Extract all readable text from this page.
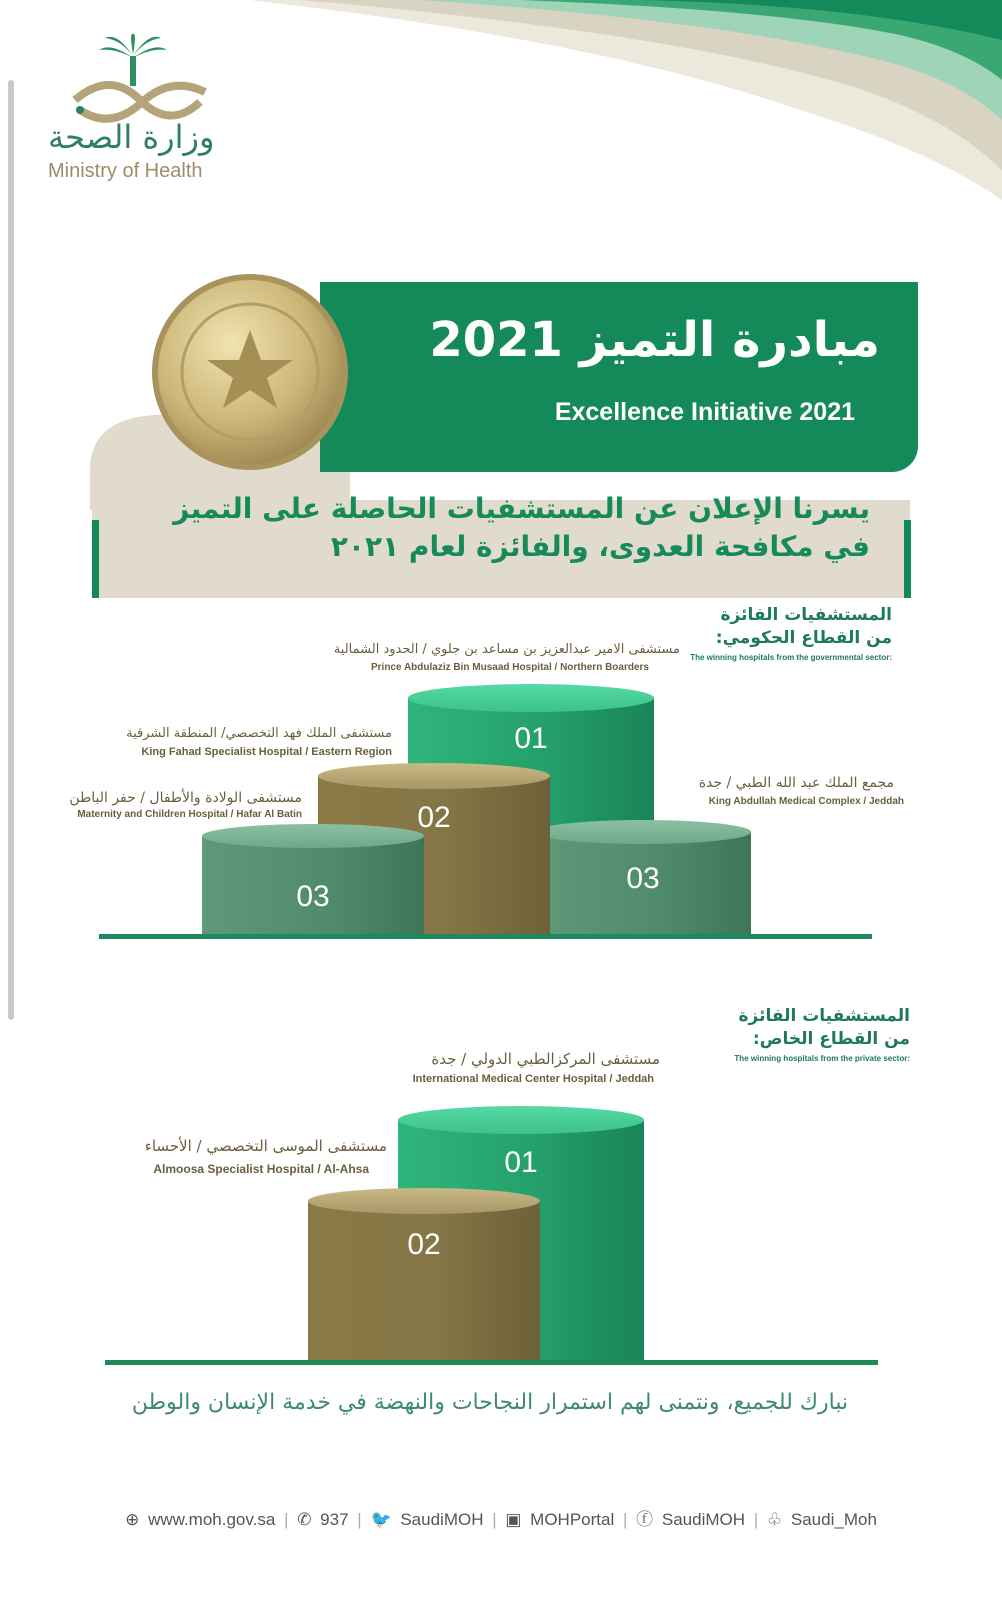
وزارة الصحة
Ministry of Health
مبادرة التميز 2021
Excellence Initiative 2021
يسرنا الإعلان عن المستشفيات الحاصلة على التميز
في مكافحة العدوى، والفائزة لعام ٢٠٢١
المستشفيات الفائزة
من القطاع الحكومي:
The winning hospitals from the governmental sector:
مستشفى الامير عبدالعزيز بن مساعد بن جلوي / الحدود الشمالية
Prince Abdulaziz Bin Musaad Hospital / Northern Boarders
مستشفى الملك فهد التخصصي/ المنطقة الشرقية
King Fahad Specialist Hospital / Eastern Region
مستشفى الولادة والأطفال / حفر الباطن
Maternity and Children Hospital / Hafar Al Batin
مجمع الملك عبد الله الطبي / جدة
King Abdullah Medical Complex / Jeddah
01
03
02
03
المستشفيات الفائزة
من القطاع الخاص:
The winning hospitals from the private sector:
مستشفى المركزالطبي الدولي / جدة
International Medical Center Hospital / Jeddah
مستشفى الموسى التخصصي / الأحساء
Almoosa Specialist Hospital / Al-Ahsa	01
02
نبارك للجميع، ونتمنى لهم استمرار النجاحات والنهضة في خدمة الإنسان والوطن
⊕ www.moh.gov.sa | ✆ 937 | 🐦 SaudiMOH | ▣ MOHPortal | ⓕ SaudiMOH | ♧ Saudi_Moh
